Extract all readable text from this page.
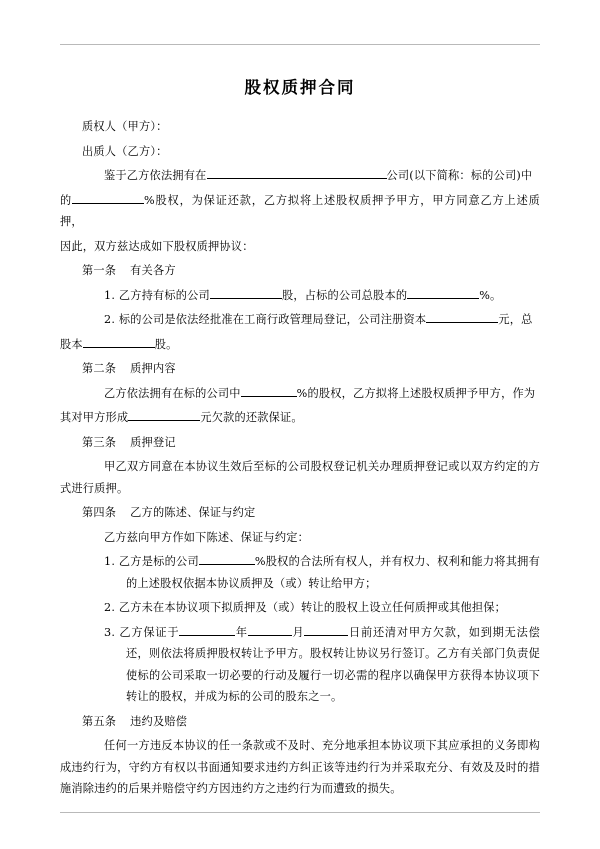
股权质押合同

质权人（甲方）：

出质人（乙方）：

鉴于乙方依法拥有在	公司(以下简称：标的公司)中

的	%股权，为保证还款，乙方拟将上述股权质押予甲方，甲方同意乙方上述质押，

因此，双方兹达成如下股权质押协议：

第一条 有关各方

1. 乙方持有标的公司	股，占标的公司总股本的	%。

2. 标的公司是依法经批准在工商行政管理局登记，公司注册资本	元，总

股本	股。

第二条 质押内容

乙方依法拥有在标的公司中	%的股权，乙方拟将上述股权质押予甲方，作为

其对甲方形成	元欠款的还款保证。

第三条 质押登记

甲乙双方同意在本协议生效后至标的公司股权登记机关办理质押登记或以双方约定的方式进行质押。

第四条 乙方的陈述、保证与约定

乙方兹向甲方作如下陈述、保证与约定：

1. 乙方是标的公司	%股权的合法所有权人，并有权力、权利和能力将其拥有的上述股权依据本协议质押及（或）转让给甲方；

2. 乙方未在本协议项下拟质押及（或）转让的股权上设立任何质押或其他担保；

3. 乙方保证于	年	月	日前还清对甲方欠款，如到期无法偿还，则依法将质押股权转让予甲方。股权转让协议另行签订。乙方有关部门负责促使标的公司采取一切必要的行动及履行一切必需的程序以确保甲方获得本协议项下转让的股权，并成为标的公司的股东之一。

第五条 违约及赔偿

任何一方违反本协议的任一条款或不及时、充分地承担本协议项下其应承担的义务即构成违约行为，守约方有权以书面通知要求违约方纠正该等违约行为并采取充分、有效及及时的措施消除违约的后果并赔偿守约方因违约方之违约行为而遭致的损失。
